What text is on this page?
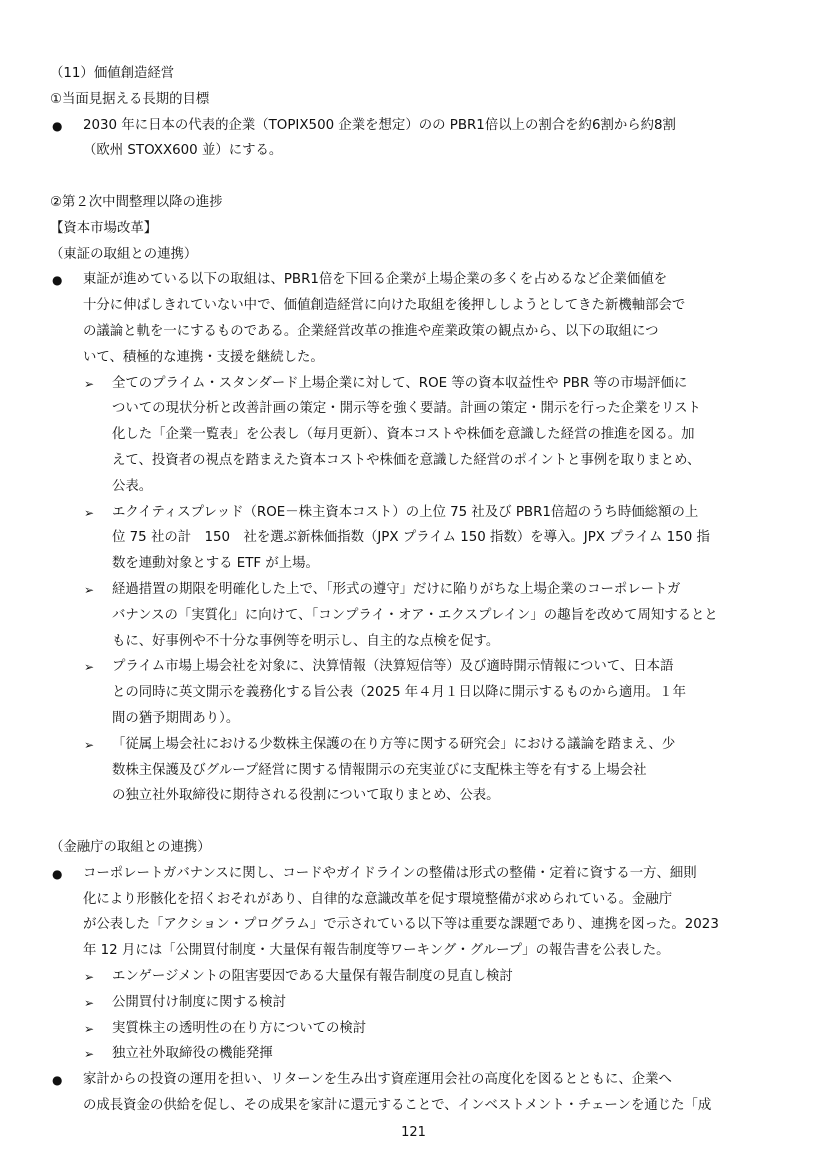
（11）価値創造経営
①当面見据える長期的目標
● 2030 年に日本の代表的企業（TOPIX500 企業を想定）のの PBR1倍以上の割合を約6割から約8割
（欧州 STOXX600 並）にする。
②第２次中間整理以降の進捗
【資本市場改革】
（東証の取組との連携）
● 東証が進めている以下の取組は、PBR1倍を下回る企業が上場企業の多くを占めるなど企業価値を
十分に伸ばしきれていない中で、価値創造経営に向けた取組を後押ししようとしてきた新機軸部会で
の議論と軌を一にするものである。企業経営改革の推進や産業政策の観点から、以下の取組につ
いて、積極的な連携・支援を継続した。
➢ 全てのプライム・スタンダード上場企業に対して、ROE 等の資本収益性や PBR 等の市場評価に
ついての現状分析と改善計画の策定・開示等を強く要請。計画の策定・開示を行った企業をリスト
化した「企業一覧表」を公表し（毎月更新）、資本コストや株価を意識した経営の推進を図る。加
えて、投資者の視点を踏まえた資本コストや株価を意識した経営のポイントと事例を取りまとめ、
公表。
➢ エクイティスプレッド（ROE－株主資本コスト）の上位 75 社及び PBR1倍超のうち時価総額の上
位 75 社の計　150　社を選ぶ新株価指数（JPX プライム 150 指数）を導入。JPX プライム 150 指
数を連動対象とする ETF が上場。
➢ 経過措置の期限を明確化した上で、「形式の遵守」だけに陥りがちな上場企業のコーポレートガ
バナンスの「実質化」に向けて、「コンプライ・オア・エクスプレイン」の趣旨を改めて周知するとと
もに、好事例や不十分な事例等を明示し、自主的な点検を促す。
➢ プライム市場上場会社を対象に、決算情報（決算短信等）及び適時開示情報について、日本語
との同時に英文開示を義務化する旨公表（2025 年４月１日以降に開示するものから適用。１年
間の猶予期間あり）。
➢ 「従属上場会社における少数株主保護の在り方等に関する研究会」における議論を踏まえ、少
数株主保護及びグループ経営に関する情報開示の充実並びに支配株主等を有する上場会社
の独立社外取締役に期待される役割について取りまとめ、公表。
（金融庁の取組との連携）
● コーポレートガバナンスに関し、コードやガイドラインの整備は形式の整備・定着に資する一方、細則
化により形骸化を招くおそれがあり、自律的な意識改革を促す環境整備が求められている。金融庁
が公表した「アクション・プログラム」で示されている以下等は重要な課題であり、連携を図った。2023
年 12 月には「公開買付制度・大量保有報告制度等ワーキング・グループ」の報告書を公表した。
➢ エンゲージメントの阻害要因である大量保有報告制度の見直し検討
➢ 公開買付け制度に関する検討
➢ 実質株主の透明性の在り方についての検討
➢ 独立社外取締役の機能発揮
● 家計からの投資の運用を担い、リターンを生み出す資産運用会社の高度化を図るとともに、企業へ
の成長資金の供給を促し、その成果を家計に還元することで、インベストメント・チェーンを通じた「成
121
